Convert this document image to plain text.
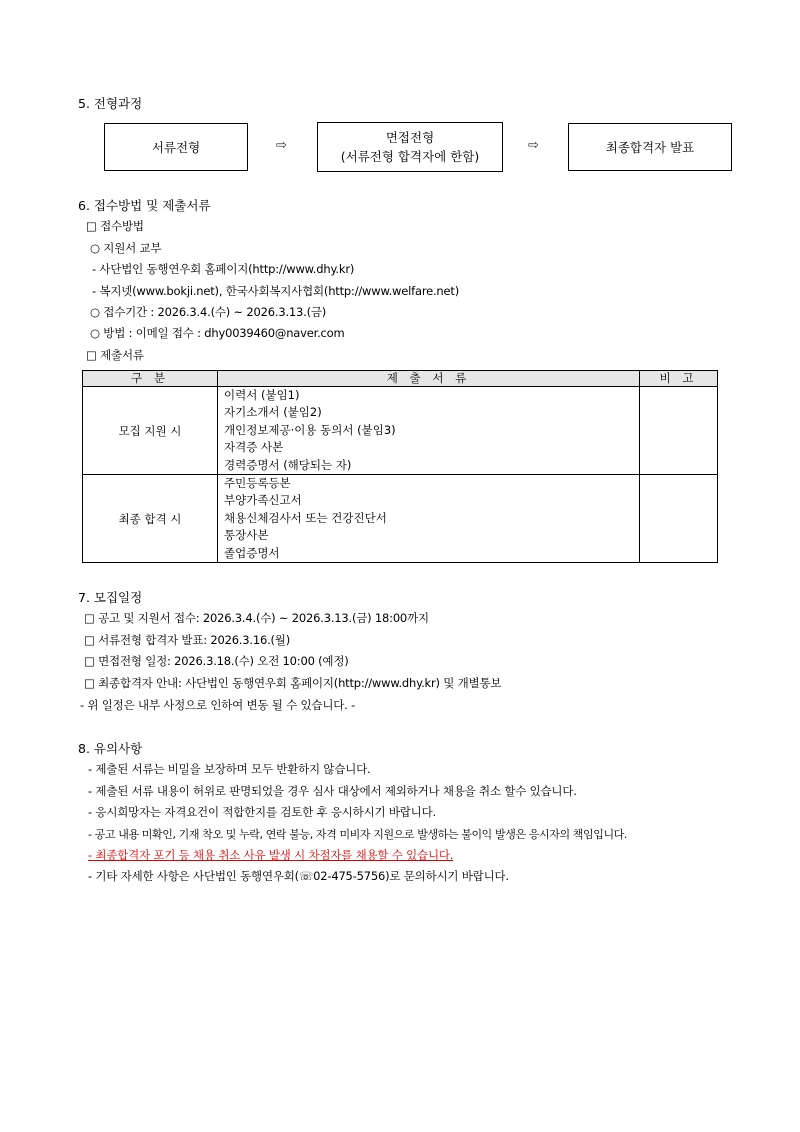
5. 전형과정
서류전형	⇨
면접전형
(서류전형 합격자에 한함)
⇨	최종합격자 발표
6. 접수방법 및 제출서류
□ 접수방법
○ 지원서 교부
- 사단법인 동행연우회 홈페이지(http://www.dhy.kr)
- 복지넷(www.bokji.net), 한국사회복지사협회(http://www.welfare.net)
○ 접수기간 : 2026.3.4.(수) ~ 2026.3.13.(금)
○ 방법 : 이메일 접수 : dhy0039460@naver.com
□ 제출서류
구 분	제 출 서 류	비 고
모집 지원 시	이력서 (붙임1)
자기소개서 (붙임2)
개인정보제공·이용 동의서 (붙임3)
자격증 사본
경력증명서 (해당되는 자)	

최종 합격 시	주민등록등본
부양가족신고서
채용신체검사서 또는 건강진단서
통장사본
졸업증명서	

7. 모집일정
□ 공고 및 지원서 접수: 2026.3.4.(수) ~ 2026.3.13.(금) 18:00까지
□ 서류전형 합격자 발표: 2026.3.16.(월)
□ 면접전형 일정: 2026.3.18.(수) 오전 10:00 (예정)
□ 최종합격자 안내: 사단법인 동행연우회 홈페이지(http://www.dhy.kr) 및 개별통보
- 위 일정은 내부 사정으로 인하여 변동 될 수 있습니다. -
8. 유의사항
- 제출된 서류는 비밀을 보장하며 모두 반환하지 않습니다.
- 제출된 서류 내용이 허위로 판명되었을 경우 심사 대상에서 제외하거나 채용을 취소 할수 있습니다.
- 응시희망자는 자격요건이 적합한지를 검토한 후 응시하시기 바랍니다.
- 공고 내용 미확인, 기재 착오 및 누락, 연락 불능, 자격 미비자 지원으로 발생하는 불이익 발생은 응시자의 책임입니다.
- 최종합격자 포기 등 채용 취소 사유 발생 시 차점자를 채용할 수 있습니다.
- 기타 자세한 사항은 사단법인 동행연우회(☏02-475-5756)로 문의하시기 바랍니다.
